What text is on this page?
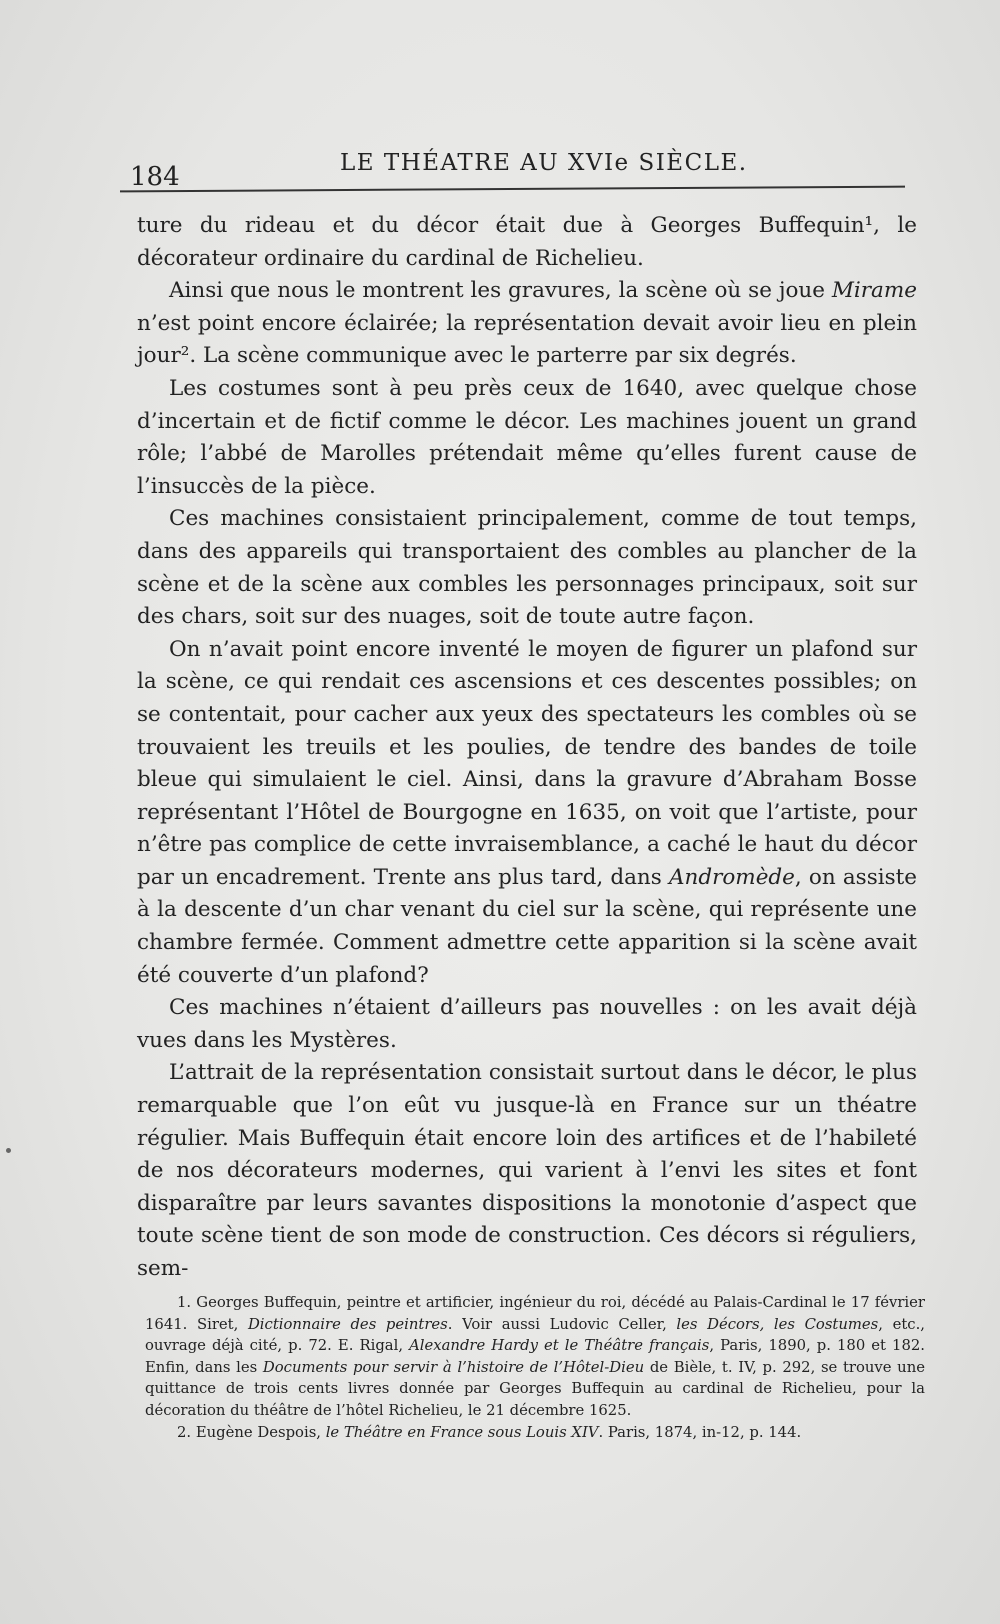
184	LE THÉATRE AU XVIe SIÈCLE.

ture du rideau et du décor était due à Georges Buffequin¹, le décorateur ordinaire du cardinal de Richelieu.

Ainsi que nous le montrent les gravures, la scène où se joue Mirame n’est point encore éclairée; la représentation devait avoir lieu en plein jour². La scène communique avec le parterre par six degrés.

Les costumes sont à peu près ceux de 1640, avec quelque chose d’incertain et de fictif comme le décor. Les machines jouent un grand rôle; l’abbé de Marolles prétendait même qu’elles furent cause de l’insuccès de la pièce.

Ces machines consistaient principalement, comme de tout temps, dans des appareils qui transportaient des combles au plancher de la scène et de la scène aux combles les personnages principaux, soit sur des chars, soit sur des nuages, soit de toute autre façon.

On n’avait point encore inventé le moyen de figurer un plafond sur la scène, ce qui rendait ces ascensions et ces descentes possibles; on se contentait, pour cacher aux yeux des spectateurs les combles où se trouvaient les treuils et les poulies, de tendre des bandes de toile bleue qui simulaient le ciel. Ainsi, dans la gravure d’Abraham Bosse représentant l’Hôtel de Bourgogne en 1635, on voit que l’artiste, pour n’être pas complice de cette invraisemblance, a caché le haut du décor par un encadrement. Trente ans plus tard, dans Andromède, on assiste à la descente d’un char venant du ciel sur la scène, qui représente une chambre fermée. Comment admettre cette apparition si la scène avait été couverte d’un plafond?

Ces machines n’étaient d’ailleurs pas nouvelles : on les avait déjà vues dans les Mystères.

L’attrait de la représentation consistait surtout dans le décor, le plus remarquable que l’on eût vu jusque-là en France sur un théatre régulier. Mais Buffequin était encore loin des artifices et de l’habileté de nos décorateurs modernes, qui varient à l’envi les sites et font disparaître par leurs savantes dispositions la monotonie d’aspect que toute scène tient de son mode de construction. Ces décors si réguliers, sem-

1. Georges Buffequin, peintre et artificier, ingénieur du roi, décédé au Palais-Cardinal le 17 février 1641. Siret, Dictionnaire des peintres. Voir aussi Ludovic Celler, les Décors, les Costumes, etc., ouvrage déjà cité, p. 72. E. Rigal, Alexandre Hardy et le Théâtre français, Paris, 1890, p. 180 et 182. Enfin, dans les Documents pour servir à l’histoire de l’Hôtel-Dieu de Bièle, t. IV, p. 292, se trouve une quittance de trois cents livres donnée par Georges Buffequin au cardinal de Richelieu, pour la décoration du théâtre de l’hôtel Richelieu, le 21 décembre 1625.

2. Eugène Despois, le Théâtre en France sous Louis XIV. Paris, 1874, in-12, p. 144.
